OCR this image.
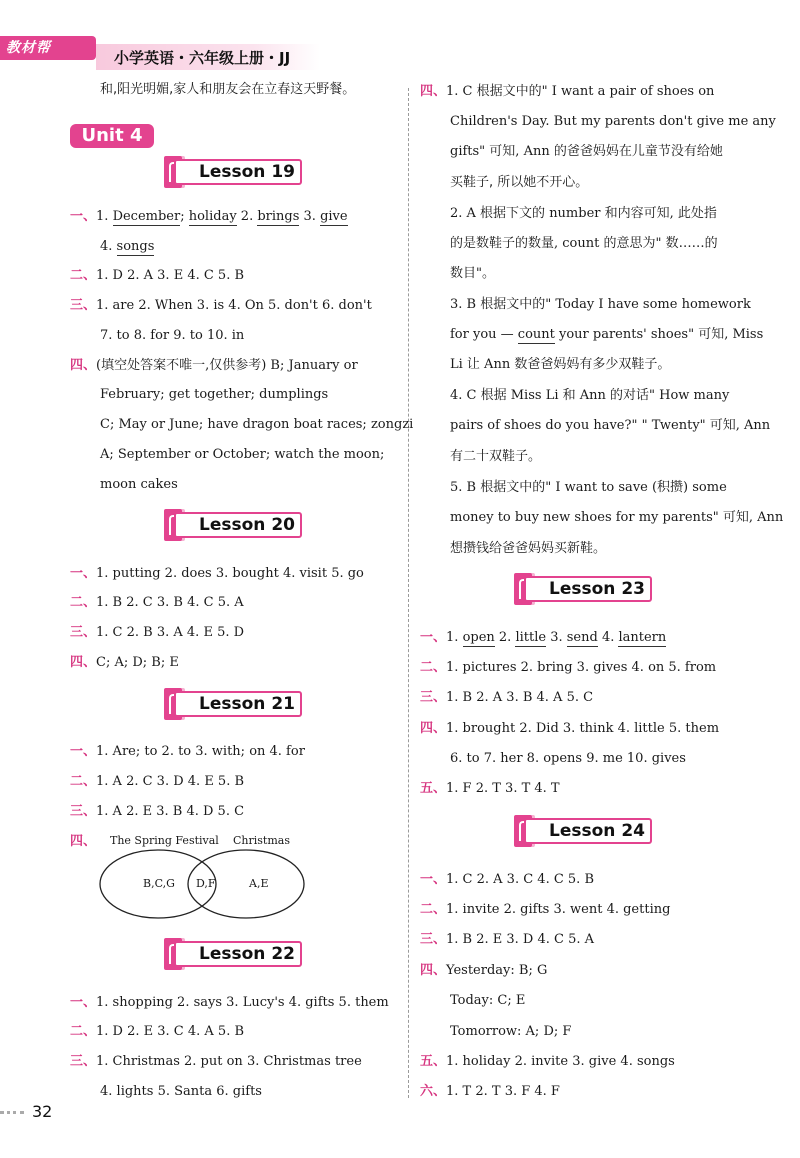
教材帮
小学英语・六年级上册・JJ
和,阳光明媚,家人和朋友会在立春这天野餐。
Unit 4
Lesson 19
一、1. December; holiday 2. brings 3. give
4. songs
二、1. D 2. A 3. E 4. C 5. B
三、1. are 2. When 3. is 4. On 5. don't 6. don't
7. to 8. for 9. to 10. in
四、(填空处答案不唯一,仅供参考) B; January or
February; get together; dumplings
C; May or June; have dragon boat races; zongzi
A; September or October; watch the moon;
moon cakes
Lesson 20
一、1. putting 2. does 3. bought 4. visit 5. go
二、1. B 2. C 3. B 4. C 5. A
三、1. C 2. B 3. A 4. E 5. D
四、C; A; D; B; E
Lesson 21
一、1. Are; to 2. to 3. with; on 4. for
二、1. A 2. C 3. D 4. E 5. B
三、1. A 2. E 3. B 4. D 5. C
四、 The Spring Festival Christmas
B,C,G D,F	A,E
Lesson 22
一、1. shopping 2. says 3. Lucy's 4. gifts 5. them
二、1. D 2. E 3. C 4. A 5. B
三、1. Christmas 2. put on 3. Christmas tree
4. lights 5. Santa 6. gifts
四、1. C 根据文中的" I want a pair of shoes on
Children's Day. But my parents don't give me any
gifts" 可知, Ann 的爸爸妈妈在儿童节没有给她
买鞋子, 所以她不开心。
2. A 根据下文的 number 和内容可知, 此处指
的是数鞋子的数量, count 的意思为" 数……的
数目"。
3. B 根据文中的" Today I have some homework
for you — count your parents' shoes" 可知, Miss
Li 让 Ann 数爸爸妈妈有多少双鞋子。
4. C 根据 Miss Li 和 Ann 的对话" How many
pairs of shoes do you have?" " Twenty" 可知, Ann
有二十双鞋子。
5. B 根据文中的" I want to save (积攒) some
money to buy new shoes for my parents" 可知, Ann
想攒钱给爸爸妈妈买新鞋。
Lesson 23
一、1. open 2. little 3. send 4. lantern
二、1. pictures 2. bring 3. gives 4. on 5. from
三、1. B 2. A 3. B 4. A 5. C
四、1. brought 2. Did 3. think 4. little 5. them
6. to 7. her 8. opens 9. me 10. gives
五、1. F 2. T 3. T 4. T
Lesson 24
一、1. C 2. A 3. C 4. C 5. B
二、1. invite 2. gifts 3. went 4. getting
三、1. B 2. E 3. D 4. C 5. A
四、Yesterday: B; G
Today: C; E
Tomorrow: A; D; F
五、1. holiday 2. invite 3. give 4. songs
六、1. T 2. T 3. F 4. F
32
